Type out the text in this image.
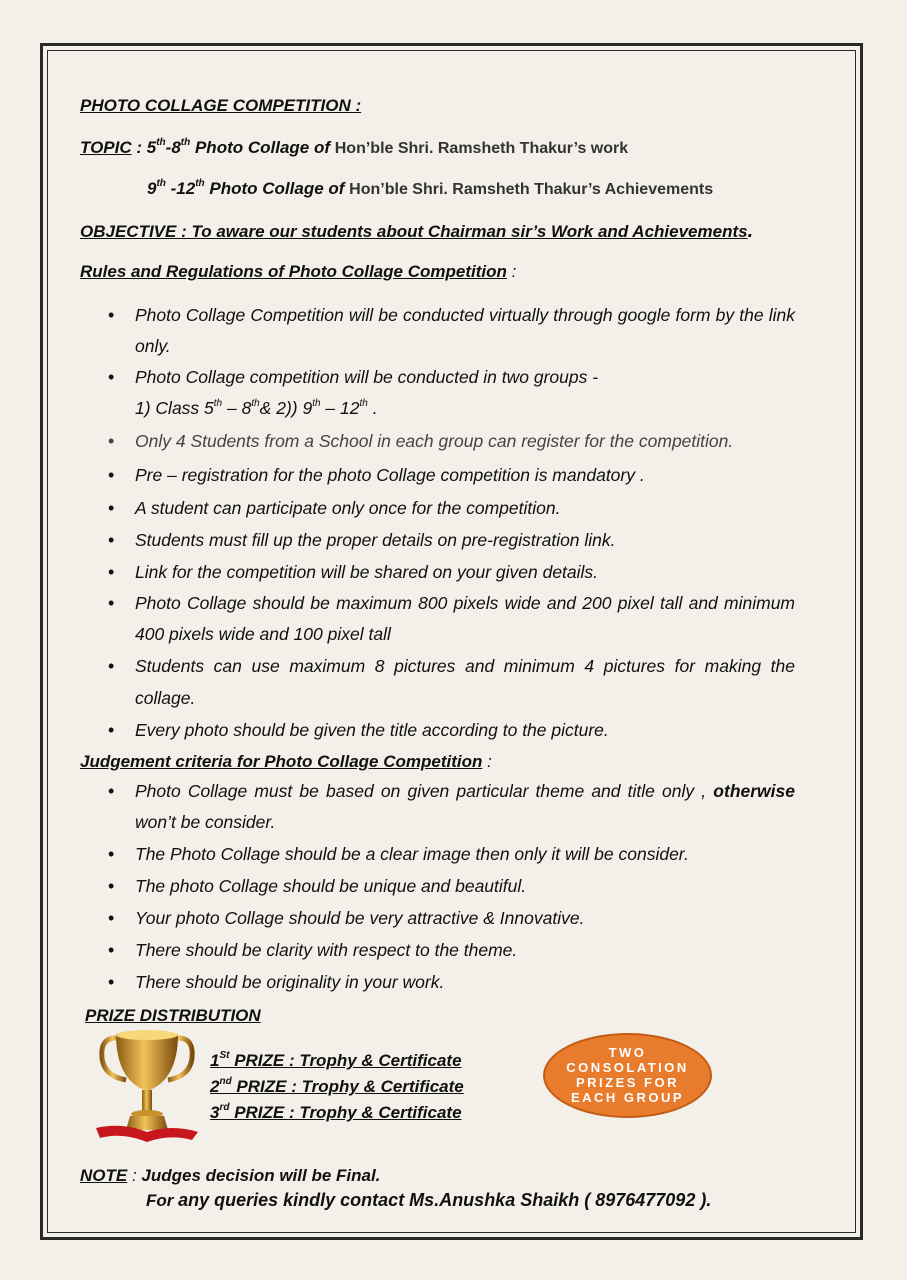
PHOTO COLLAGE COMPETITION :
TOPIC : 5th-8th Photo Collage of Hon’ble Shri. Ramsheth Thakur’s work
9th -12th Photo Collage of Hon’ble Shri. Ramsheth Thakur’s Achievements
OBJECTIVE : To aware our students about Chairman sir’s Work and Achievements.
Rules and Regulations of Photo Collage Competition :
• Photo Collage Competition will be conducted virtually through google form by the link only.
• Photo Collage competition will be conducted in two groups -
1) Class 5th – 8th& 2)) 9th – 12th .
• Only 4 Students from a School in each group can register for the competition.
• Pre – registration for the photo Collage competition is mandatory .
• A student can participate only once for the competition.
• Students must fill up the proper details on pre-registration link.
• Link for the competition will be shared on your given details.
• Photo Collage should be maximum 800 pixels wide and 200 pixel tall and minimum 400 pixels wide and 100 pixel tall
• Students can use maximum 8 pictures and minimum 4 pictures for making the collage.
• Every photo should be given the title according to the picture.
Judgement criteria for Photo Collage Competition :
• Photo Collage must be based on given particular theme and title only , otherwise won’t be consider.
• The Photo Collage should be a clear image then only it will be consider.
• The photo Collage should be unique and beautiful.
• Your photo Collage should be very attractive & Innovative.
• There should be clarity with respect to the theme.
• There should be originality in your work.
PRIZE DISTRIBUTION
1St PRIZE : Trophy & Certificate
2nd PRIZE : Trophy & Certificate
3rd PRIZE : Trophy & Certificate
TWO
CONSOLATION
PRIZES FOR
EACH GROUP
NOTE : Judges decision will be Final.
For any queries kindly contact Ms.Anushka Shaikh ( 8976477092 ).
